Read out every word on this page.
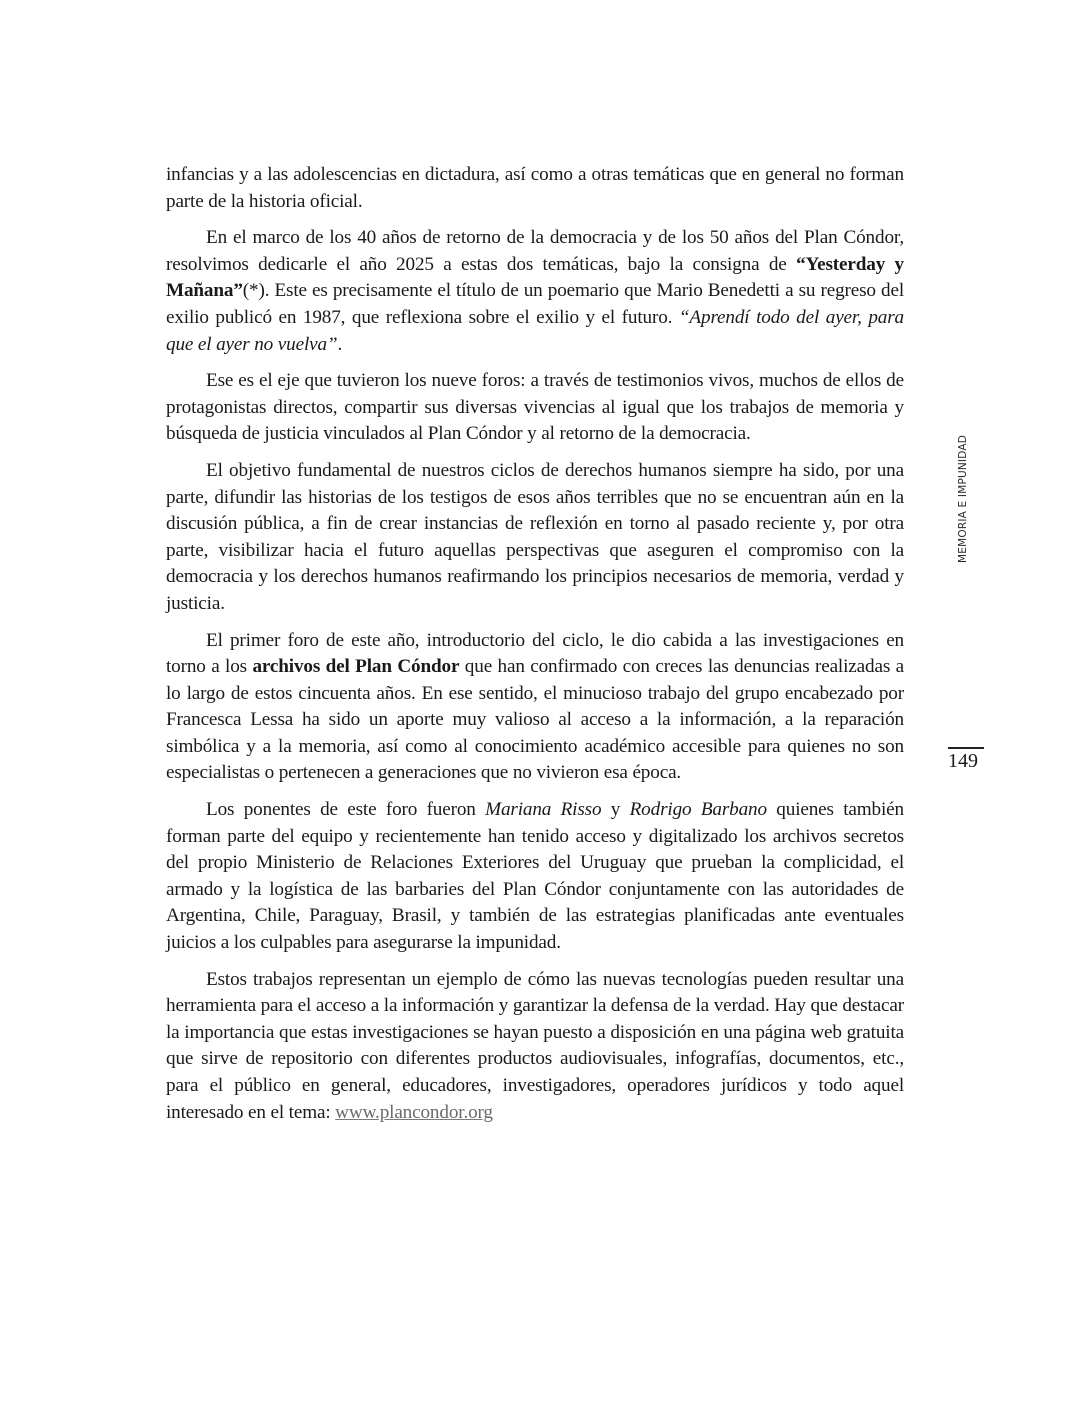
infancias y a las adolescencias en dictadura, así como a otras temáticas que en general no forman parte de la historia oficial.

En el marco de los 40 años de retorno de la democracia y de los 50 años del Plan Cóndor, resolvimos dedicarle el año 2025 a estas dos temáticas, bajo la consigna de “Yesterday y Mañana”(*). Este es precisamente el título de un poemario que Mario Benedetti a su regreso del exilio publicó en 1987, que reflexiona sobre el exilio y el futuro. “Aprendí todo del ayer, para que el ayer no vuelva”.

Ese es el eje que tuvieron los nueve foros: a través de testimonios vivos, muchos de ellos de protagonistas directos, compartir sus diversas vivencias al igual que los trabajos de memoria y búsqueda de justicia vinculados al Plan Cóndor y al retorno de la democracia.

El objetivo fundamental de nuestros ciclos de derechos humanos siempre ha sido, por una parte, difundir las historias de los testigos de esos años terribles que no se encuentran aún en la discusión pública, a fin de crear instancias de reflexión en torno al pasado reciente y, por otra parte, visibilizar hacia el futuro aquellas perspectivas que aseguren el compromiso con la democracia y los derechos humanos reafirmando los principios necesarios de memoria, verdad y justicia.

El primer foro de este año, introductorio del ciclo, le dio cabida a las investigaciones en torno a los archivos del Plan Cóndor que han confirmado con creces las denuncias realizadas a lo largo de estos cincuenta años. En ese sentido, el minucioso trabajo del grupo encabezado por Francesca Lessa ha sido un aporte muy valioso al acceso a la información, a la reparación simbólica y a la memoria, así como al conocimiento académico accesible para quienes no son especialistas o pertenecen a generaciones que no vivieron esa época.

Los ponentes de este foro fueron Mariana Risso y Rodrigo Barbano quienes también forman parte del equipo y recientemente han tenido acceso y digitalizado los archivos secretos del propio Ministerio de Relaciones Exteriores del Uruguay que prueban la complicidad, el armado y la logística de las barbaries del Plan Cóndor conjuntamente con las autoridades de Argentina, Chile, Paraguay, Brasil, y también de las estrategias planificadas ante eventuales juicios a los culpables para asegurarse la impunidad.

Estos trabajos representan un ejemplo de cómo las nuevas tecnologías pueden resultar una herramienta para el acceso a la información y garantizar la defensa de la verdad. Hay que destacar la importancia que estas investigaciones se hayan puesto a disposición en una página web gratuita que sirve de repositorio con diferentes productos audiovisuales, infografías, documentos, etc., para el público en general, educadores, investigadores, operadores jurídicos y todo aquel interesado en el tema: www.plancondor.org

MEMORIA E IMPUNIDAD
149
